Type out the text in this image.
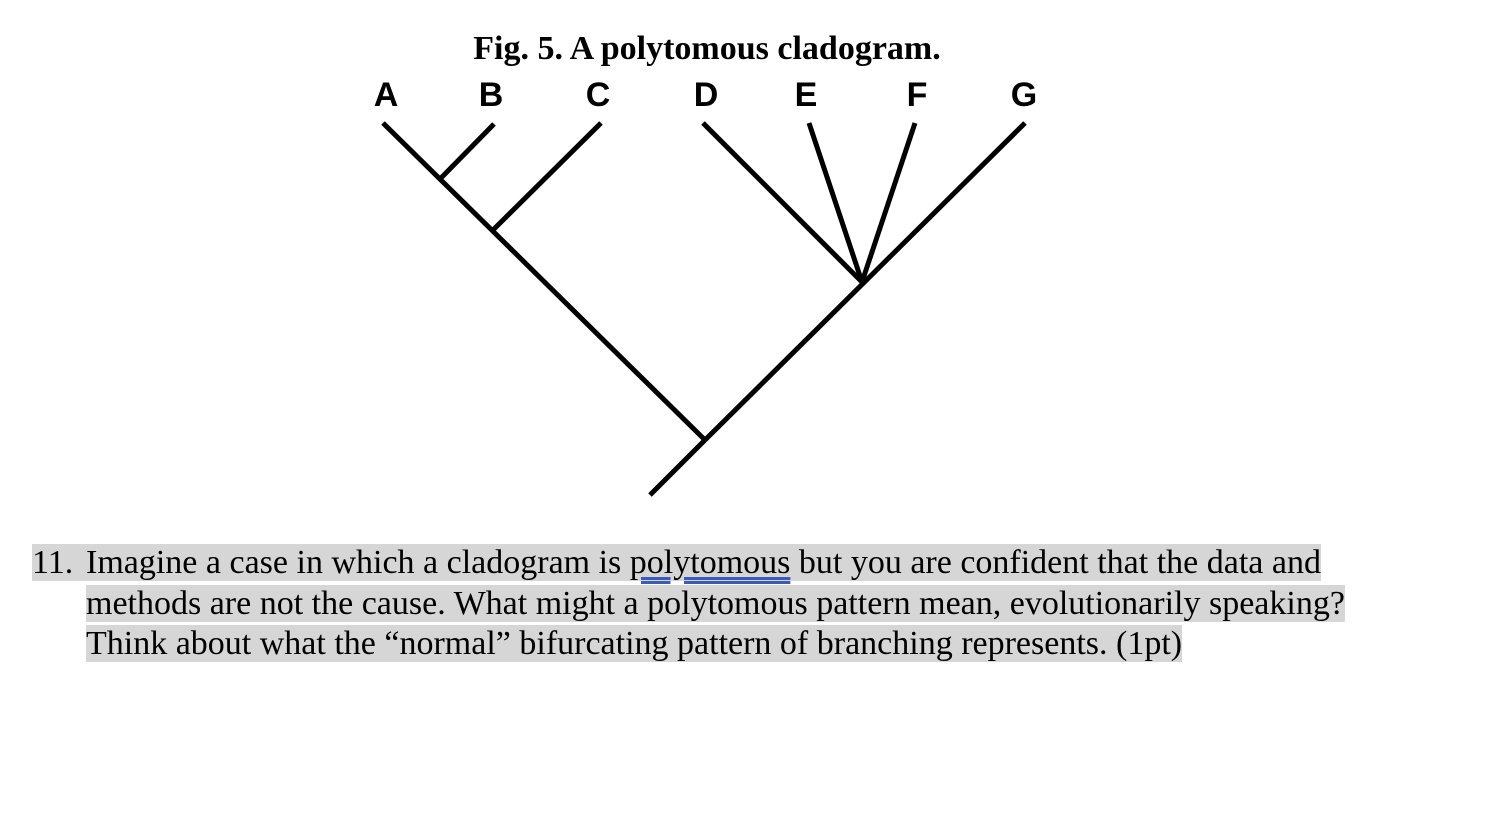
Fig. 5. A polytomous cladogram.
A B C D E	F G
11. Imagine a case in which a cladogram is polytomous but you are confident that the data and
methods are not the cause. What might a polytomous pattern mean, evolutionarily speaking?
Think about what the “normal” bifurcating pattern of branching represents. (1pt)
